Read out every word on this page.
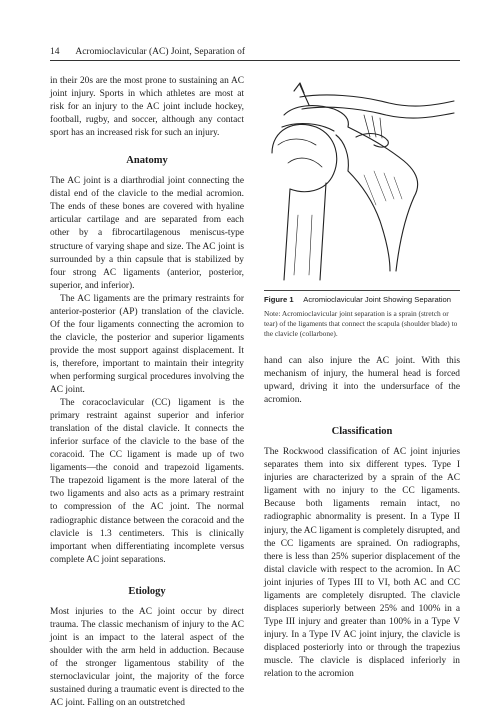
14 Acromioclavicular (AC) Joint, Separation of

in their 20s are the most prone to sustaining an AC joint injury. Sports in which athletes are most at risk for an injury to the AC joint include hockey, football, rugby, and soccer, although any contact sport has an increased risk for such an injury.

Anatomy

The AC joint is a diarthrodial joint connecting the distal end of the clavicle to the medial acromion. The ends of these bones are covered with hyaline articular cartilage and are separated from each other by a fibrocartilagenous meniscus-type structure of varying shape and size. The AC joint is surrounded by a thin capsule that is stabilized by four strong AC ligaments (anterior, posterior, superior, and inferior).

The AC ligaments are the primary restraints for anterior-posterior (AP) translation of the clavicle. Of the four ligaments connecting the acromion to the clavicle, the posterior and superior ligaments provide the most support against displacement. It is, therefore, important to maintain their integrity when performing surgical procedures involving the AC joint.

The coracoclavicular (CC) ligament is the primary restraint against superior and inferior translation of the distal clavicle. It connects the inferior surface of the clavicle to the base of the coracoid. The CC ligament is made up of two ligaments—the conoid and trapezoid ligaments. The trapezoid ligament is the more lateral of the two ligaments and also acts as a primary restraint to compression of the AC joint. The normal radiographic distance between the coracoid and the clavicle is 1.3 centimeters. This is clinically important when differentiating incomplete versus complete AC joint separations.

Etiology

Most injuries to the AC joint occur by direct trauma. The classic mechanism of injury to the AC joint is an impact to the lateral aspect of the shoulder with the arm held in adduction. Because of the stronger ligamentous stability of the sternoclavicular joint, the majority of the force sustained during a traumatic event is directed to the AC joint. Falling on an outstretched

Figure 1 Acromioclavicular Joint Showing Separation
Note: Acromioclavicular joint separation is a sprain (stretch or tear) of the ligaments that connect the scapula (shoulder blade) to the clavicle (collarbone).

hand can also injure the AC joint. With this mechanism of injury, the humeral head is forced upward, driving it into the undersurface of the acromion.

Classification

The Rockwood classification of AC joint injuries separates them into six different types. Type I injuries are characterized by a sprain of the AC ligament with no injury to the CC ligaments. Because both ligaments remain intact, no radiographic abnormality is present. In a Type II injury, the AC ligament is completely disrupted, and the CC ligaments are sprained. On radiographs, there is less than 25% superior displacement of the distal clavicle with respect to the acromion. In AC joint injuries of Types III to VI, both AC and CC ligaments are completely disrupted. The clavicle displaces superiorly between 25% and 100% in a Type III injury and greater than 100% in a Type V injury. In a Type IV AC joint injury, the clavicle is displaced posteriorly into or through the trapezius muscle. The clavicle is displaced inferiorly in relation to the acromion
